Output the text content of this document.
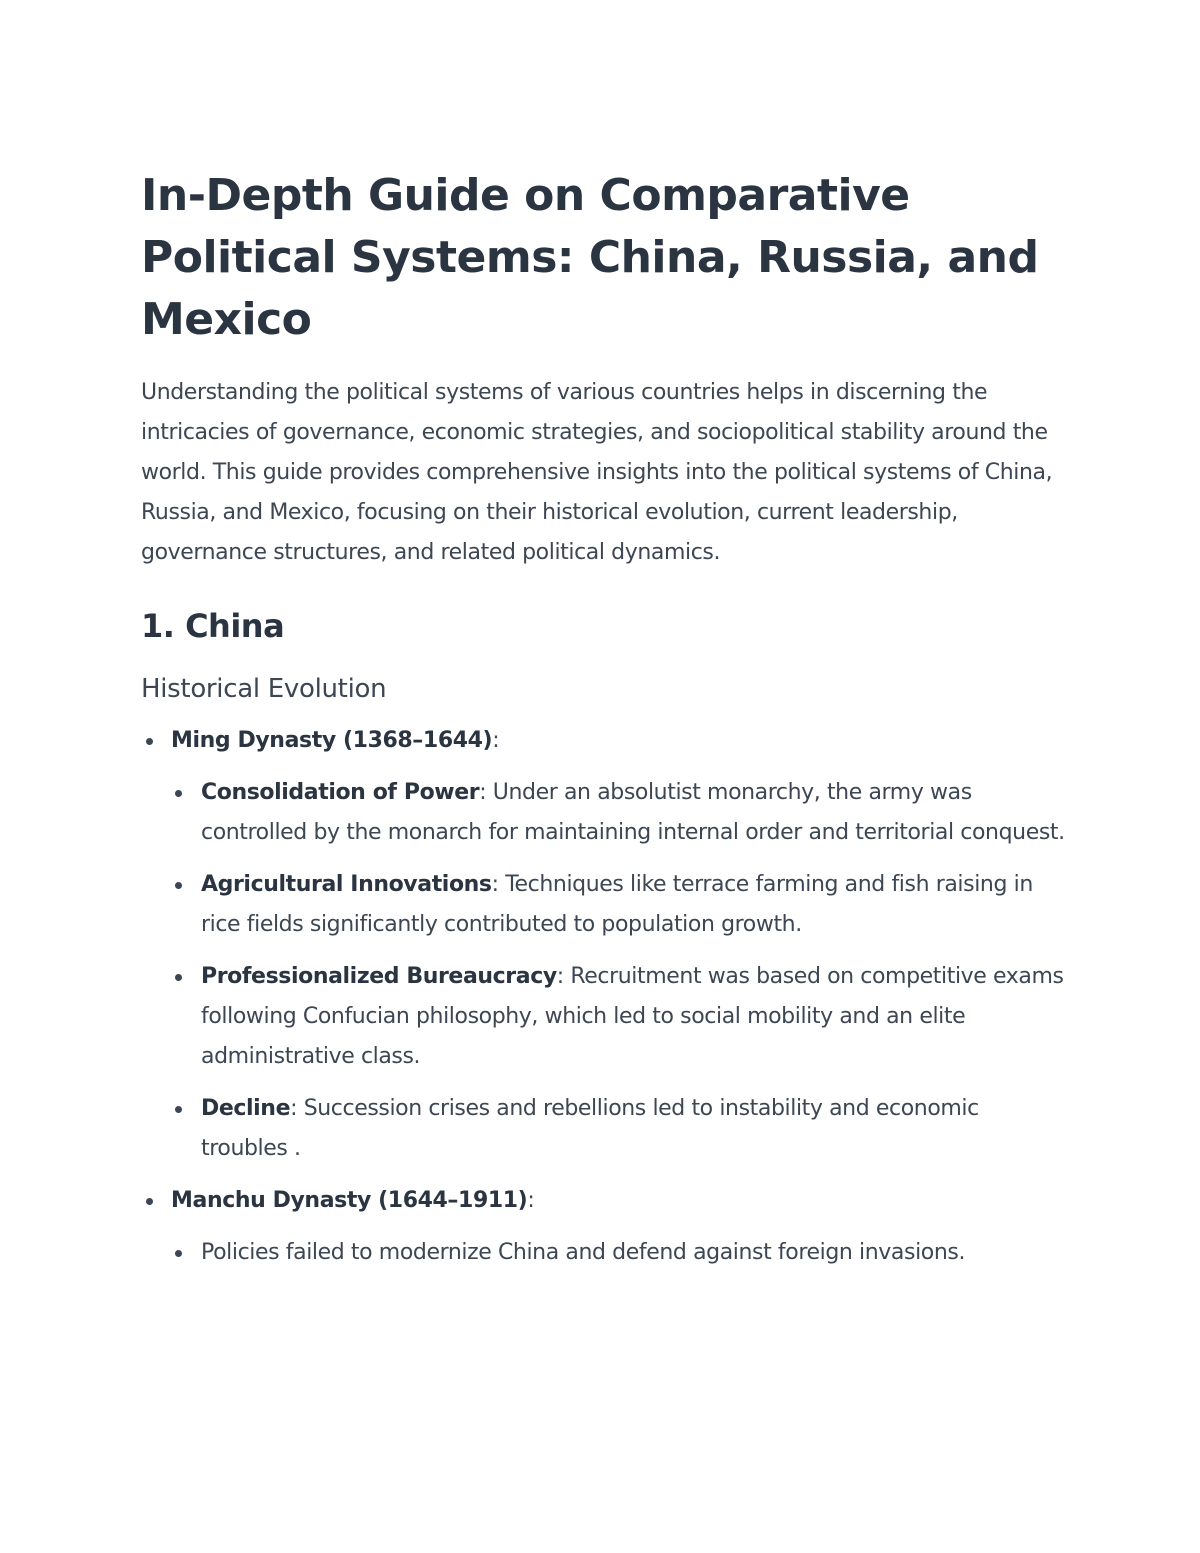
In-Depth Guide on Comparative Political Systems: China, Russia, and Mexico

Understanding the political systems of various countries helps in discerning the intricacies of governance, economic strategies, and sociopolitical stability around the world. This guide provides comprehensive insights into the political systems of China, Russia, and Mexico, focusing on their historical evolution, current leadership, governance structures, and related political dynamics.

1. China
Historical Evolution
Ming Dynasty (1368–1644):
Consolidation of Power: Under an absolutist monarchy, the army was controlled by the monarch for maintaining internal order and territorial conquest.
Agricultural Innovations: Techniques like terrace farming and fish raising in rice fields significantly contributed to population growth.
Professionalized Bureaucracy: Recruitment was based on competitive exams following Confucian philosophy, which led to social mobility and an elite administrative class.
Decline: Succession crises and rebellions led to instability and economic troubles .
Manchu Dynasty (1644–1911):
Policies failed to modernize China and defend against foreign invasions.
